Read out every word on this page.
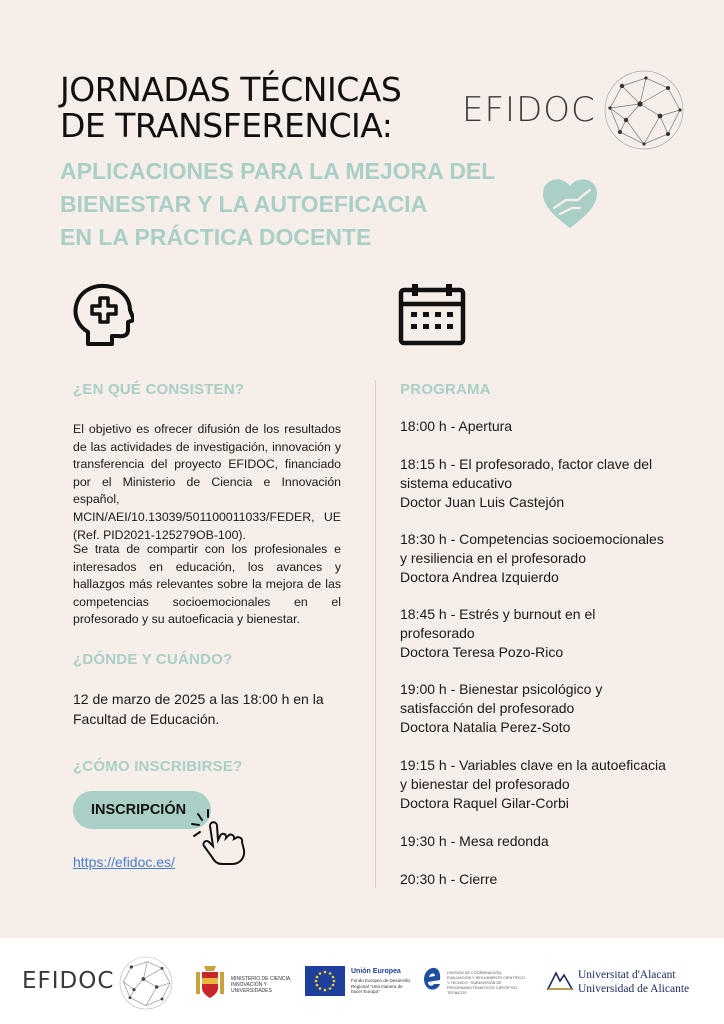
JORNADAS TÉCNICAS
DE TRANSFERENCIA: EFIDOC
APLICACIONES PARA LA MEJORA DEL
BIENESTAR Y LA AUTOEFICACIA
EN LA PRÁCTICA DOCENTE
¿EN QUÉ CONSISTEN?

El objetivo es ofrecer difusión de los resultados de las actividades de investigación, innovación y transferencia del proyecto EFIDOC, financiado por el Ministerio de Ciencia e Innovación español, MCIN/AEI/10.13039/501100011033/FEDER, UE (Ref. PID2021-125279OB-100).

Se trata de compartir con los profesionales e interesados en educación, los avances y hallazgos más relevantes sobre la mejora de las competencias socioemocionales en el profesorado y su autoeficacia y bienestar.

¿DÓNDE Y CUÁNDO?

12 de marzo de 2025 a las 18:00 h en la Facultad de Educación.

¿CÓMO INSCRIBIRSE?
INSCRIPCIÓN
https://efidoc.es/
PROGRAMA

18:00 h - Apertura

18:15 h - El profesorado, factor clave del
sistema educativo
Doctor Juan Luis Castejón

18:30 h - Competencias socioemocionales
y resiliencia en el profesorado
Doctora Andrea Izquierdo

18:45 h - Estrés y burnout en el
profesorado
Doctora Teresa Pozo-Rico

19:00 h - Bienestar psicológico y
satisfacción del profesorado
Doctora Natalia Perez-Soto

19:15 h - Variables clave en la autoeficacia
y bienestar del profesorado
Doctora Raquel Gilar-Corbi

19:30 h - Mesa redonda

20:30 h - Cierre

EFIDOC	MINISTERIO DE CIENCIA, INNOVACIÓN Y UNIVERSIDADES
Unión Europea
Fondo Europeo de Desarrollo Regional "Una manera de hacer Europa"
DIVISIÓN DE COORDINACIÓN, EVALUACIÓN Y SEGUIMIENTO CIENTÍFICO Y TÉCNICO · SUBDIVISIÓN DE PROGRAMAS TEMÁTICOS CIENTÍFICO-TÉCNICOS
Universitat d'Alacant
Universidad de Alicante
